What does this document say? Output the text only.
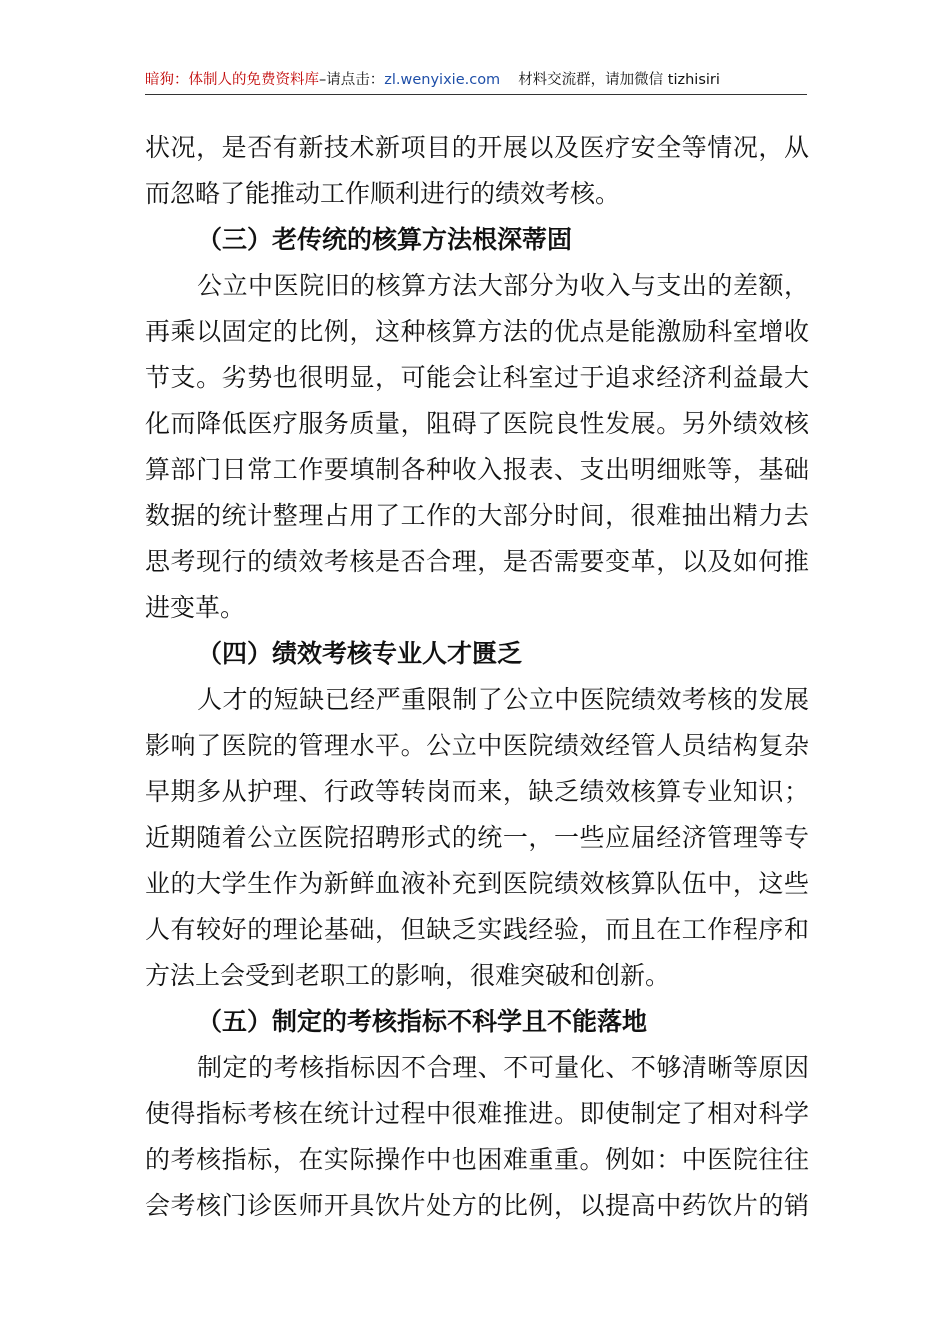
暗狗：体制人的免费资料库–请点击：zl.wenyixie.com 材料交流群，请加微信 tizhisiri
状况，是否有新技术新项目的开展以及医疗安全等情况，从
而忽略了能推动工作顺利进行的绩效考核。
（三）老传统的核算方法根深蒂固
公立中医院旧的核算方法大部分为收入与支出的差额，
再乘以固定的比例，这种核算方法的优点是能激励科室增收
节支。劣势也很明显，可能会让科室过于追求经济利益最大
化而降低医疗服务质量，阻碍了医院良性发展。另外绩效核
算部门日常工作要填制各种收入报表、支出明细账等，基础
数据的统计整理占用了工作的大部分时间，很难抽出精力去
思考现行的绩效考核是否合理，是否需要变革，以及如何推
进变革。
（四）绩效考核专业人才匮乏
人才的短缺已经严重限制了公立中医院绩效考核的发展
影响了医院的管理水平。公立中医院绩效经管人员结构复杂
早期多从护理、行政等转岗而来，缺乏绩效核算专业知识；
近期随着公立医院招聘形式的统一，一些应届经济管理等专
业的大学生作为新鲜血液补充到医院绩效核算队伍中，这些
人有较好的理论基础，但缺乏实践经验，而且在工作程序和
方法上会受到老职工的影响，很难突破和创新。
（五）制定的考核指标不科学且不能落地
制定的考核指标因不合理、不可量化、不够清晰等原因
使得指标考核在统计过程中很难推进。即使制定了相对科学
的考核指标，在实际操作中也困难重重。例如：中医院往往
会考核门诊医师开具饮片处方的比例，以提高中药饮片的销
